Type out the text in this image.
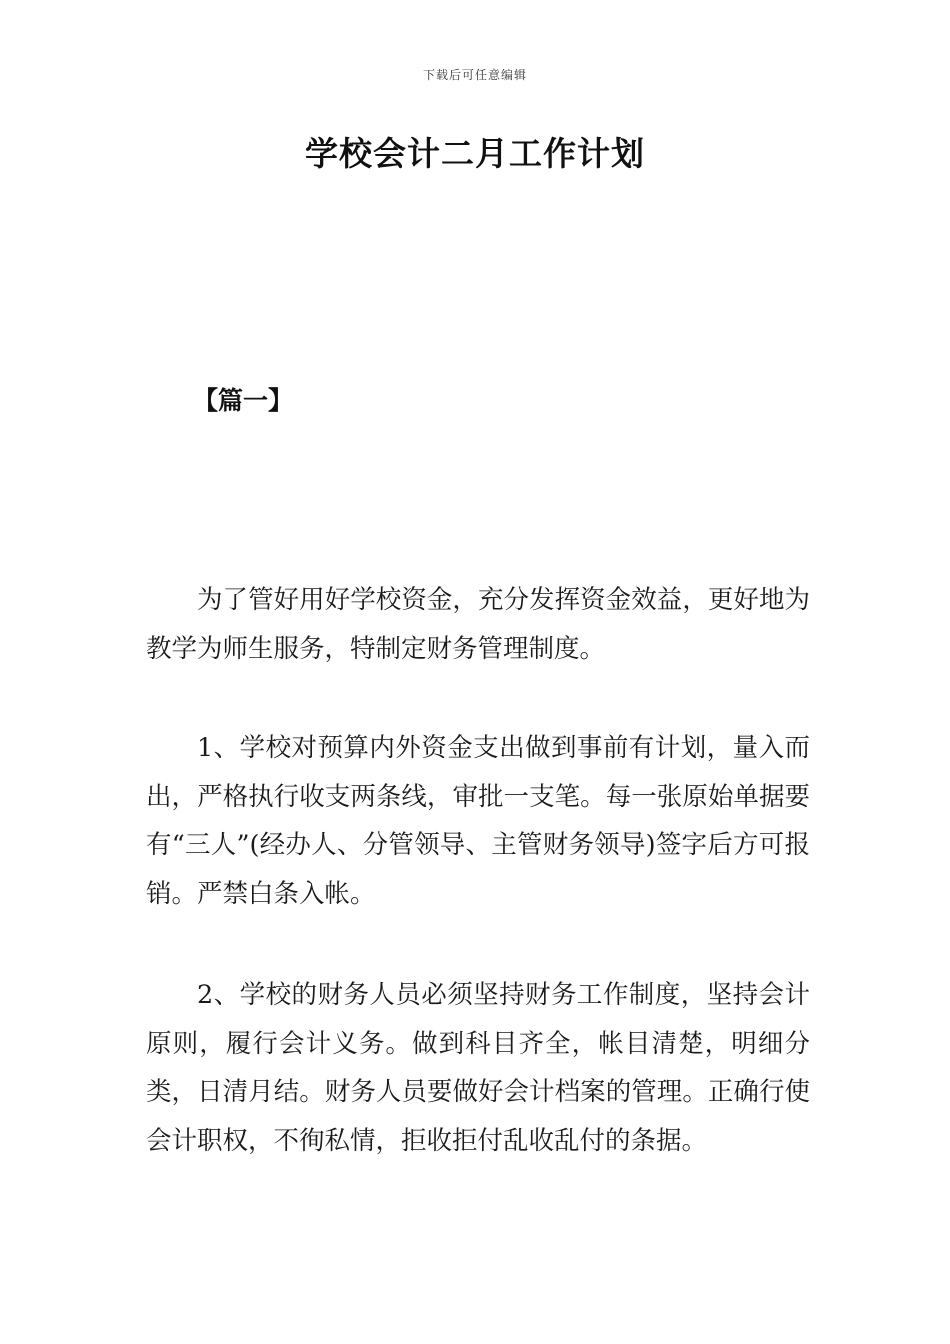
下载后可任意编辑
学校会计二月工作计划
【篇一】

为了管好用好学校资金，充分发挥资金效益，更好地为教学为师生服务，特制定财务管理制度。

1、学校对预算内外资金支出做到事前有计划，量入而出，严格执行收支两条线，审批一支笔。每一张原始单据要有“三人”(经办人、分管领导、主管财务领导)签字后方可报销。严禁白条入帐。

2、学校的财务人员必须坚持财务工作制度，坚持会计原则，履行会计义务。做到科目齐全，帐目清楚，明细分类，日清月结。财务人员要做好会计档案的管理。正确行使会计职权，不徇私情，拒收拒付乱收乱付的条据。
